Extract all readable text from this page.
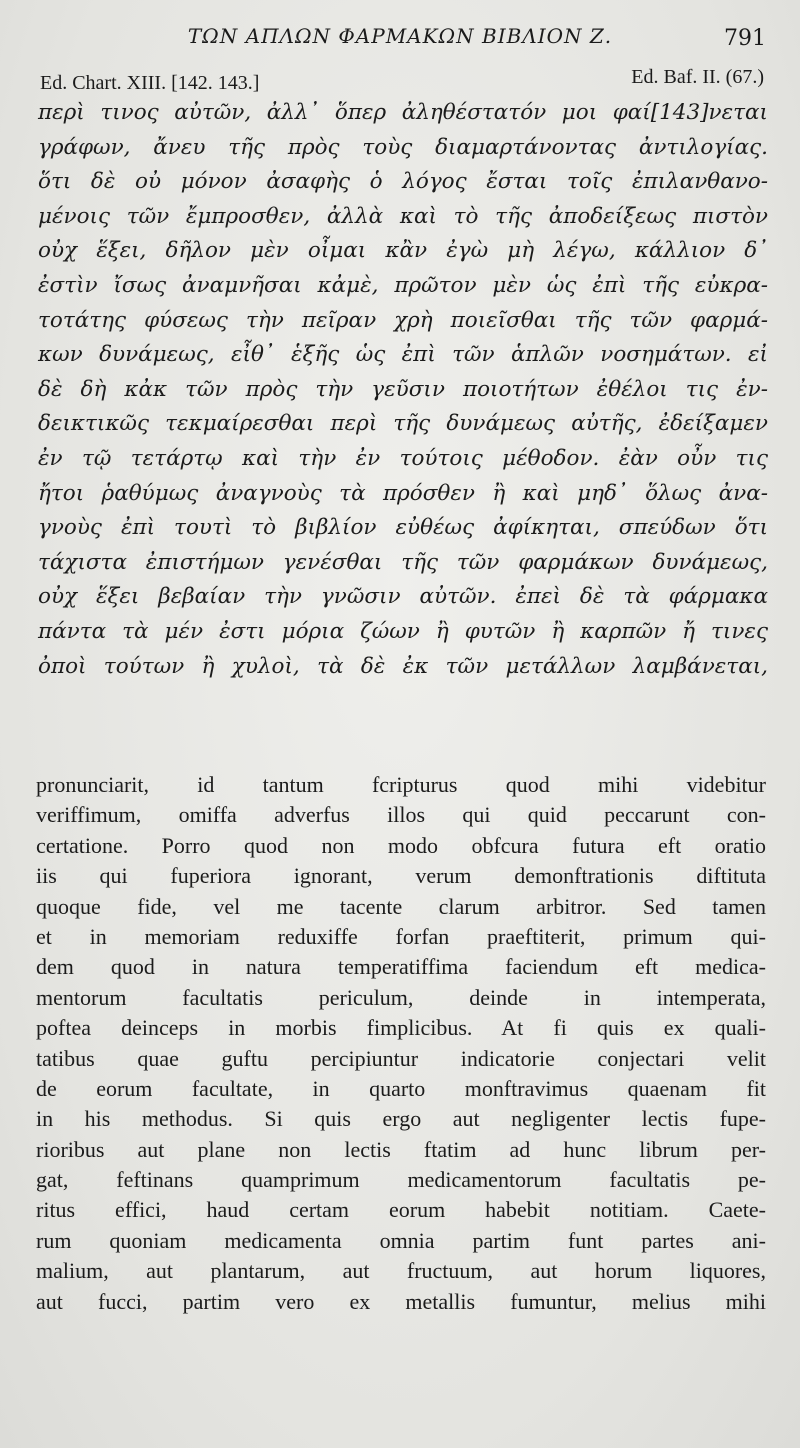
ΤΩΝ ΑΠΛΩΝ ΦΑΡΜΑΚΩΝ ΒΙΒΛΙΟΝ Ζ.	791
Ed. Chart. XIII. [142. 143.]	Ed. Baf. II. (67.)
περὶ τινος αὐτῶν, ἀλλ᾽ ὅπερ ἀληθέστατόν μοι φαί[143]νεται
γράφων, ἄνευ τῆς πρὸς τοὺς διαμαρτάνοντας ἀντιλογίας.
ὅτι δὲ οὐ μόνον ἀσαφὴς ὁ λόγος ἔσται τοῖς ἐπιλανθανο-
μένοις τῶν ἔμπροσθεν, ἀλλὰ καὶ τὸ τῆς ἀποδείξεως πιστὸν
οὐχ ἕξει, δῆλον μὲν οἶμαι κἂν ἐγὼ μὴ λέγω, κάλλιον δ᾽
ἐστὶν ἴσως ἀναμνῆσαι κἀμὲ, πρῶτον μὲν ὡς ἐπὶ τῆς εὐκρα-
τοτάτης φύσεως τὴν πεῖραν χρὴ ποιεῖσθαι τῆς τῶν φαρμά-
κων δυνάμεως, εἶθ᾽ ἑξῆς ὡς ἐπὶ τῶν ἁπλῶν νοσημάτων. εἰ
δὲ δὴ κἀκ τῶν πρὸς τὴν γεῦσιν ποιοτήτων ἐθέλοι τις ἐν-
δεικτικῶς τεκμαίρεσθαι περὶ τῆς δυνάμεως αὐτῆς, ἐδείξαμεν
ἐν τῷ τετάρτῳ καὶ τὴν ἐν τούτοις μέθοδον. ἐὰν οὖν τις
ἤτοι ῥαθύμως ἀναγνοὺς τὰ πρόσθεν ἢ καὶ μηδ᾽ ὅλως ἀνα-
γνοὺς ἐπὶ τουτὶ τὸ βιβλίον εὐθέως ἀφίκηται, σπεύδων ὅτι
τάχιστα ἐπιστήμων γενέσθαι τῆς τῶν φαρμάκων δυνάμεως,
οὐχ ἕξει βεβαίαν τὴν γνῶσιν αὐτῶν. ἐπεὶ δὲ τὰ φάρμακα
πάντα τὰ μέν ἐστι μόρια ζώων ἢ φυτῶν ἢ καρπῶν ἤ τινες
ὀποὶ τούτων ἢ χυλοὶ, τὰ δὲ ἐκ τῶν μετάλλων λαμβάνεται,
pronunciarit, id tantum fcripturus quod mihi videbitur
veriffimum, omiffa adverfus illos qui quid peccarunt con-
certatione. Porro quod non modo obfcura futura eft oratio
iis qui fuperiora ignorant, verum demonftrationis diftituta
quoque fide, vel me tacente clarum arbitror. Sed tamen
et in memoriam reduxiffe forfan praeftiterit, primum qui-
dem quod in natura temperatiffima faciendum eft medica-
mentorum facultatis periculum, deinde in intemperata,
poftea deinceps in morbis fimplicibus. At fi quis ex quali-
tatibus quae guftu percipiuntur indicatorie conjectari velit
de eorum facultate, in quarto monftravimus quaenam fit
in his methodus. Si quis ergo aut negligenter lectis fupe-
rioribus aut plane non lectis ftatim ad hunc librum per-
gat, feftinans quamprimum medicamentorum facultatis pe-
ritus effici, haud certam eorum habebit notitiam. Caete-
rum quoniam medicamenta omnia partim funt partes ani-
malium, aut plantarum, aut fructuum, aut horum liquores,
aut fucci, partim vero ex metallis fumuntur, melius mihi
